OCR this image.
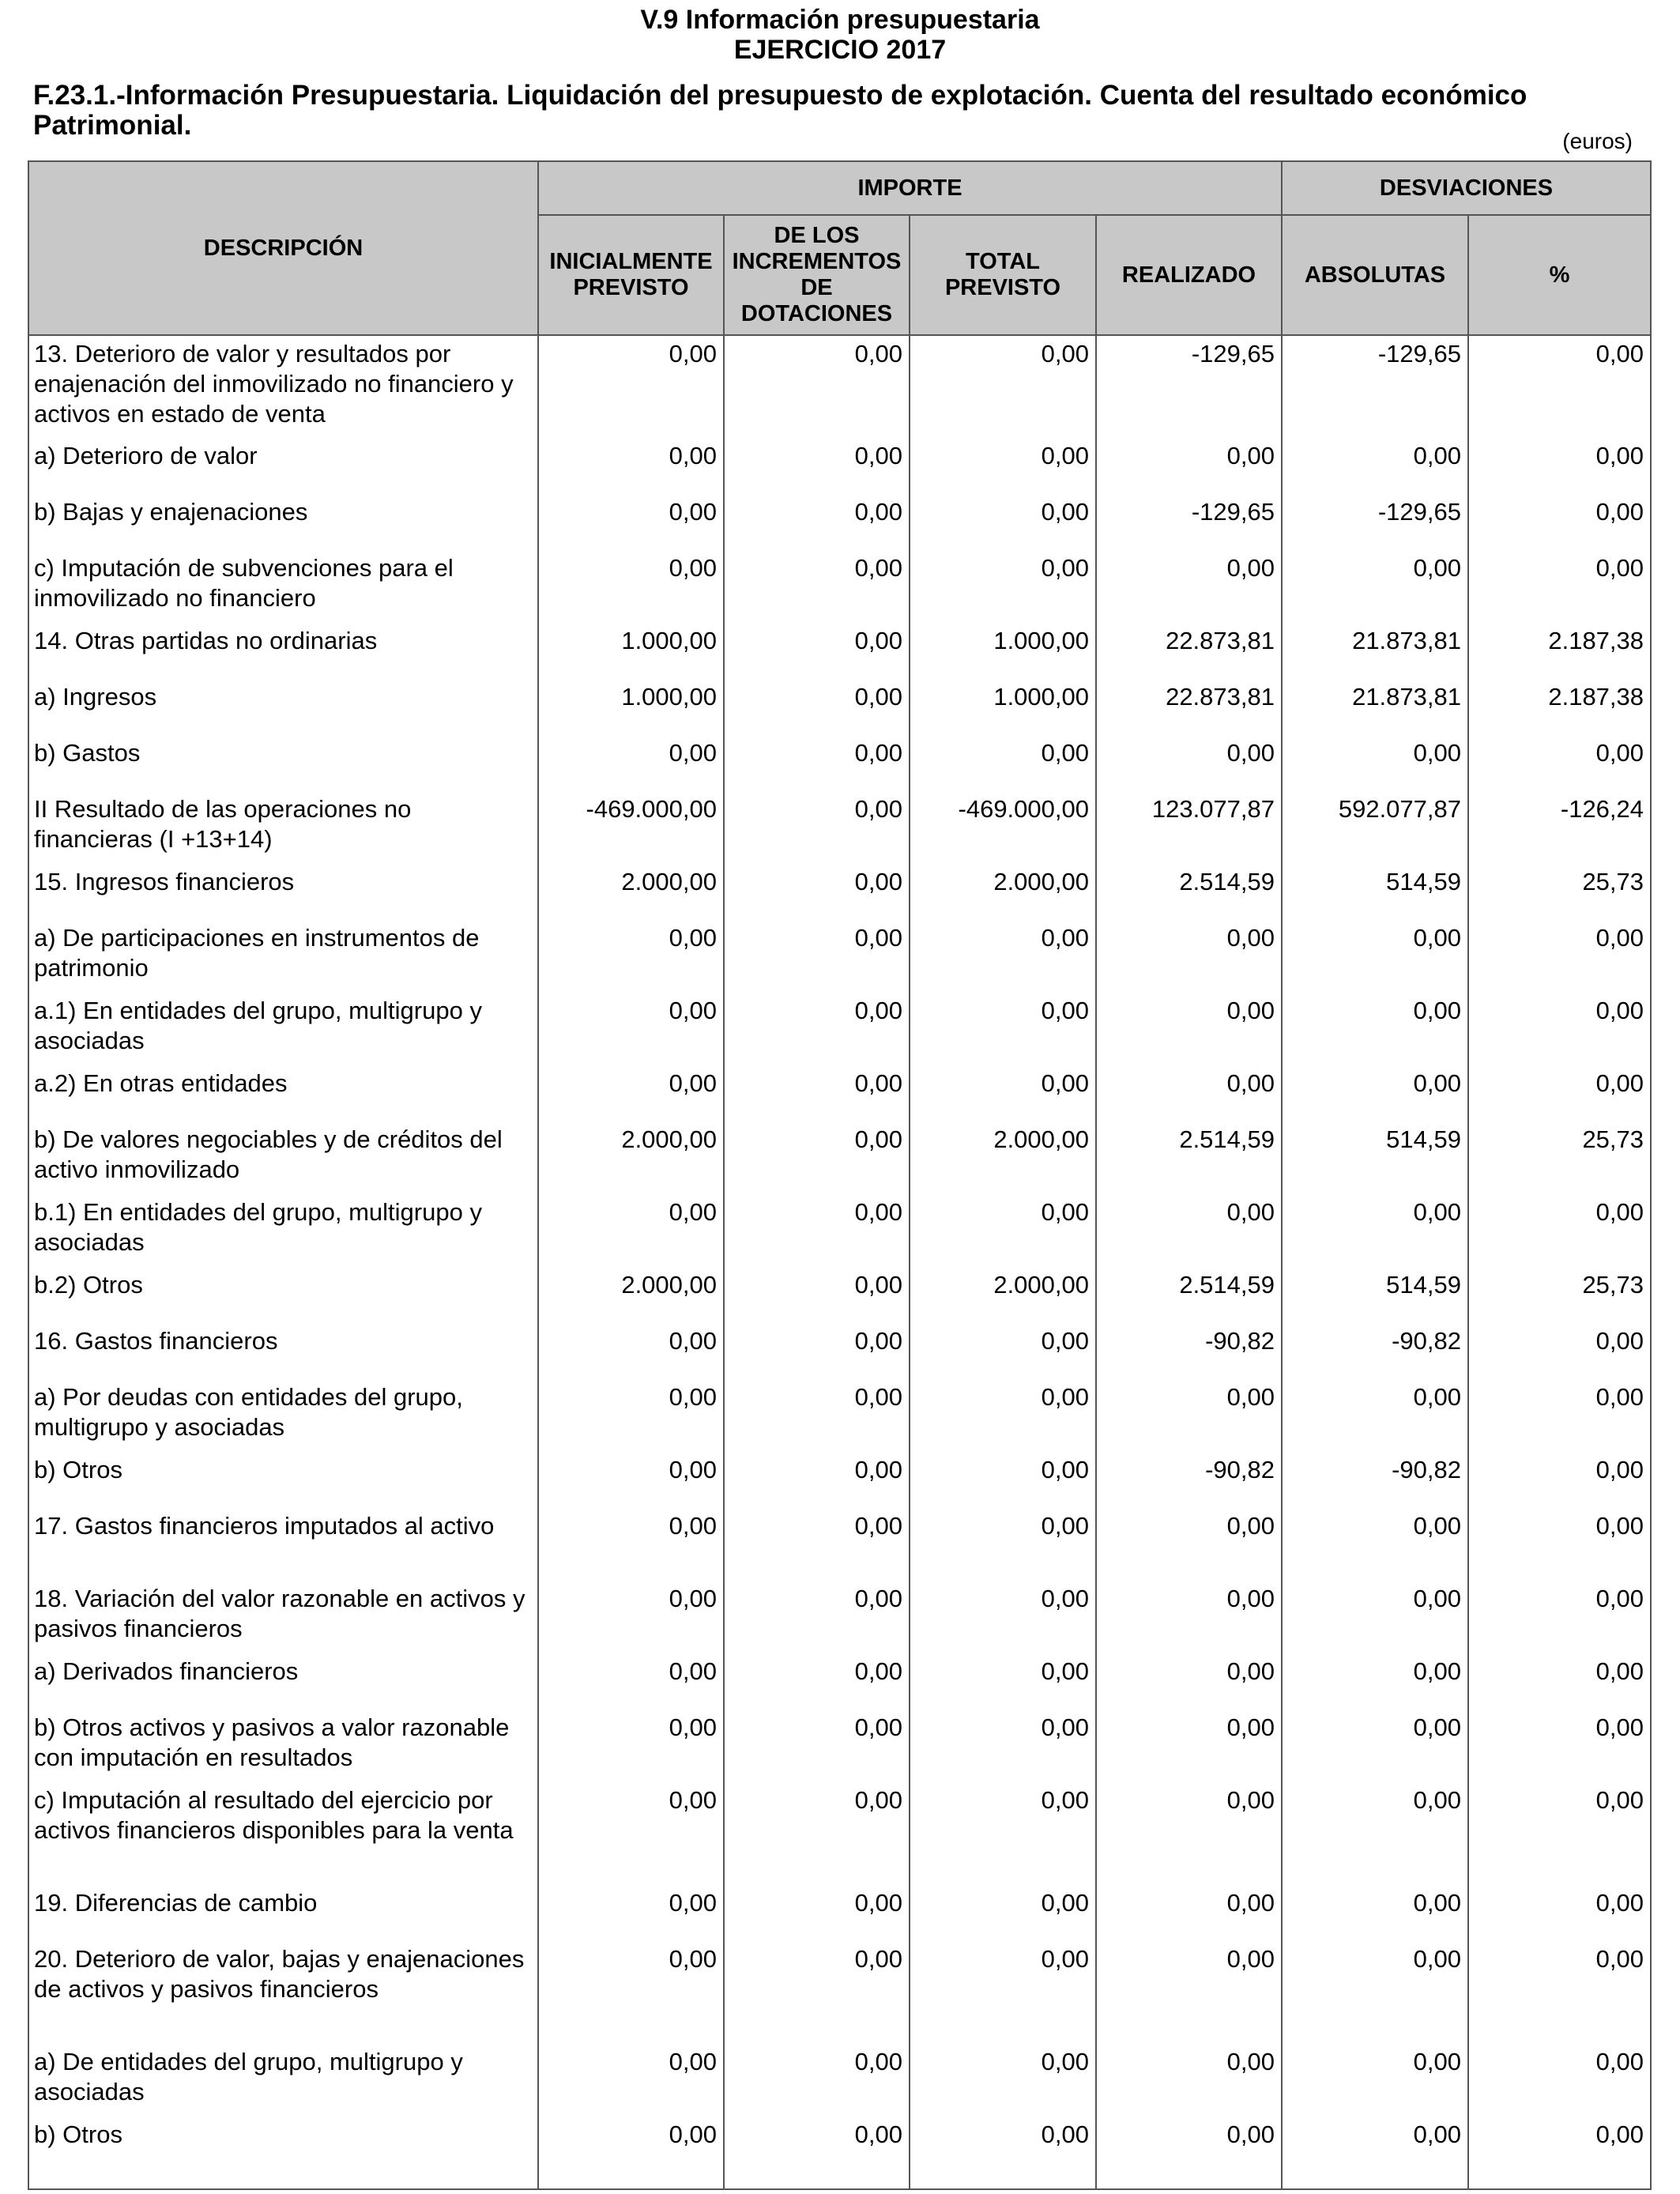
V.9 Información presupuestaria
EJERCICIO 2017
F.23.1.-Información Presupuestaria. Liquidación del presupuesto de explotación. Cuenta del resultado económico Patrimonial.
(euros)
DESCRIPCIÓN	IMPORTE				DESVIACIONES	
	INICIALMENTE PREVISTO	DE LOS INCREMENTOS DE DOTACIONES	TOTAL PREVISTO	REALIZADO	ABSOLUTAS	%
13. Deterioro de valor y resultados por enajenación del inmovilizado no financiero y activos en estado de venta	0,00	0,00	0,00	-129,65	-129,65	0,00
a) Deterioro de valor	0,00	0,00	0,00	0,00	0,00	0,00
b) Bajas y enajenaciones	0,00	0,00	0,00	-129,65	-129,65	0,00
c) Imputación de subvenciones para el inmovilizado no financiero	0,00	0,00	0,00	0,00	0,00	0,00
14. Otras partidas no ordinarias	1.000,00	0,00	1.000,00	22.873,81	21.873,81	2.187,38
a) Ingresos	1.000,00	0,00	1.000,00	22.873,81	21.873,81	2.187,38
b) Gastos	0,00	0,00	0,00	0,00	0,00	0,00
II Resultado de las operaciones no financieras (I +13+14)	-469.000,00	0,00	-469.000,00	123.077,87	592.077,87	-126,24
15. Ingresos financieros	2.000,00	0,00	2.000,00	2.514,59	514,59	25,73
a) De participaciones en instrumentos de patrimonio	0,00	0,00	0,00	0,00	0,00	0,00
a.1) En entidades del grupo, multigrupo y asociadas	0,00	0,00	0,00	0,00	0,00	0,00
a.2) En otras entidades	0,00	0,00	0,00	0,00	0,00	0,00
b) De valores negociables y de créditos del activo inmovilizado	2.000,00	0,00	2.000,00	2.514,59	514,59	25,73
b.1) En entidades del grupo, multigrupo y asociadas	0,00	0,00	0,00	0,00	0,00	0,00
b.2) Otros	2.000,00	0,00	2.000,00	2.514,59	514,59	25,73
16. Gastos financieros	0,00	0,00	0,00	-90,82	-90,82	0,00
a) Por deudas con entidades del grupo, multigrupo y asociadas	0,00	0,00	0,00	0,00	0,00	0,00
b) Otros	0,00	0,00	0,00	-90,82	-90,82	0,00
17. Gastos financieros imputados al activo	0,00	0,00	0,00	0,00	0,00	0,00
18. Variación del valor razonable en activos y pasivos financieros	0,00	0,00	0,00	0,00	0,00	0,00
a) Derivados financieros	0,00	0,00	0,00	0,00	0,00	0,00
b) Otros activos y pasivos a valor razonable con imputación en resultados	0,00	0,00	0,00	0,00	0,00	0,00
c) Imputación al resultado del ejercicio por activos financieros disponibles para la venta	0,00	0,00	0,00	0,00	0,00	0,00
19. Diferencias de cambio	0,00	0,00	0,00	0,00	0,00	0,00
20. Deterioro de valor, bajas y enajenaciones de activos y pasivos financieros	0,00	0,00	0,00	0,00	0,00	0,00
a) De entidades del grupo, multigrupo y asociadas	0,00	0,00	0,00	0,00	0,00	0,00
b) Otros	0,00	0,00	0,00	0,00	0,00	0,00
